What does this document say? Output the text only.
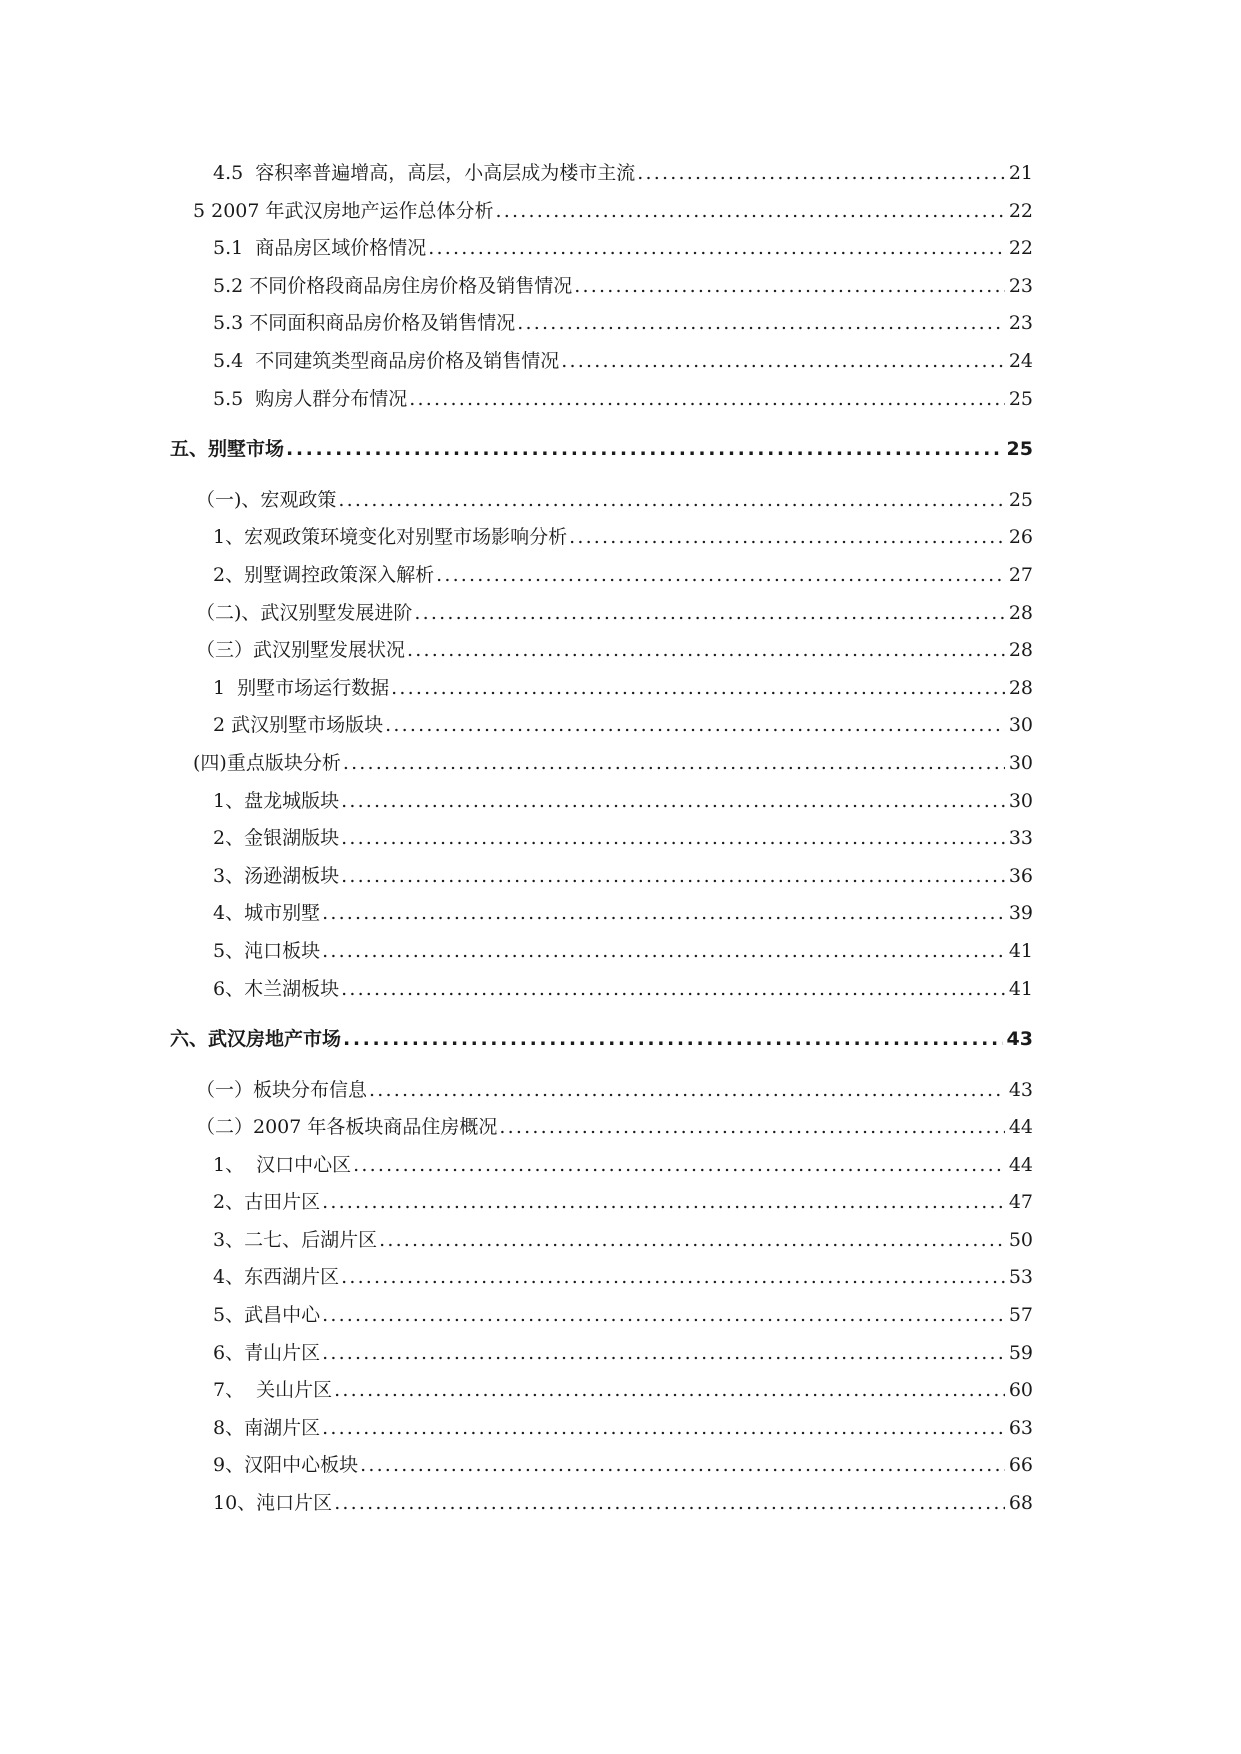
4.5  容积率普遍增高，高层，小高层成为楼市主流 .....	21
5 2007 年武汉房地产运作总体分析 .....	22
5.1  商品房区域价格情况 .....	22
5.2 不同价格段商品房住房价格及销售情况 .....	23
5.3 不同面积商品房价格及销售情况 .....	23
5.4  不同建筑类型商品房价格及销售情况 .....	24
5.5  购房人群分布情况 .....	25
五、 别墅市场 .....	25
（一)、宏观政策 .....	25
1、宏观政策环境变化对别墅市场影响分析 .....	26
2、别墅调控政策深入解析 .....	27
（二)、武汉别墅发展进阶 .....	28
（三）武汉别墅发展状况 .....	28
1  别墅市场运行数据 .....	28
2 武汉别墅市场版块 .....	30
(四)重点版块分析 .....	30
1、盘龙城版块 .....	30
2、金银湖版块 .....	33
3、汤逊湖板块 .....	36
4、城市别墅 .....	39
5、沌口板块 .....	41
6、木兰湖板块 .....	41
六、 武汉房地产市场 .....	43
（一）板块分布信息 .....	43
（二）2007 年各板块商品住房概况 .....	44
1、  汉口中心区 .....	44
2、古田片区 .....	47
3、二七、后湖片区 .....	50
4、东西湖片区 .....	53
5、武昌中心 .....	57
6、青山片区 .....	59
7、  关山片区 .....	60
8、南湖片区 .....	63
9、汉阳中心板块 .....	66
10、沌口片区 .....	68
